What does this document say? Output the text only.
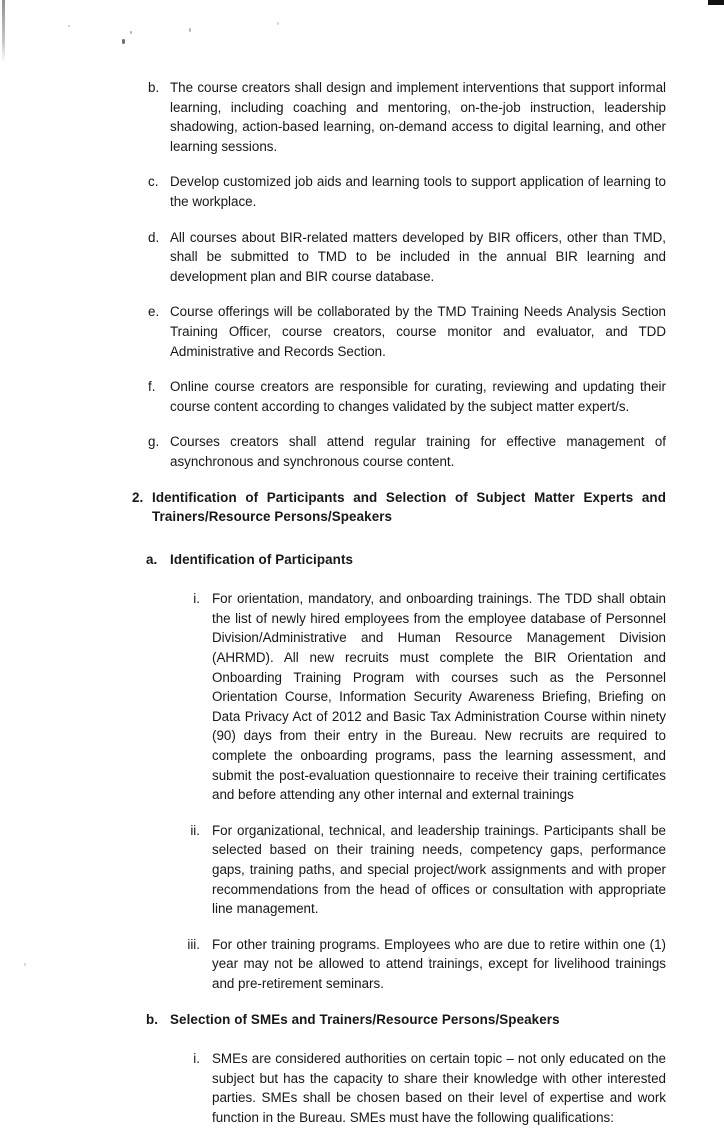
b. The course creators shall design and implement interventions that support informal learning, including coaching and mentoring, on-the-job instruction, leadership shadowing, action-based learning, on-demand access to digital learning, and other learning sessions.
c. Develop customized job aids and learning tools to support application of learning to the workplace.
d. All courses about BIR-related matters developed by BIR officers, other than TMD, shall be submitted to TMD to be included in the annual BIR learning and development plan and BIR course database.
e. Course offerings will be collaborated by the TMD Training Needs Analysis Section Training Officer, course creators, course monitor and evaluator, and TDD Administrative and Records Section.
f.	Online course creators are responsible for curating, reviewing and updating their course content according to changes validated by the subject matter expert/s.
g. Courses creators shall attend regular training for effective management of asynchronous and synchronous course content.
2. Identification of Participants and Selection of Subject Matter Experts and Trainers/Resource Persons/Speakers
a. Identification of Participants
i. For orientation, mandatory, and onboarding trainings. The TDD shall obtain the list of newly hired employees from the employee database of Personnel Division/Administrative and Human Resource Management Division (AHRMD). All new recruits must complete the BIR Orientation and Onboarding Training Program with courses such as the Personnel Orientation Course, Information Security Awareness Briefing, Briefing on Data Privacy Act of 2012 and Basic Tax Administration Course within ninety (90) days from their entry in the Bureau. New recruits are required to complete the onboarding programs, pass the learning assessment, and submit the post-evaluation questionnaire to receive their training certificates and before attending any other internal and external trainings
ii. For organizational, technical, and leadership trainings. Participants shall be selected based on their training needs, competency gaps, performance gaps, training paths, and special project/work assignments and with proper recommendations from the head of offices or consultation with appropriate line management.
iii. For other training programs. Employees who are due to retire within one (1) year may not be allowed to attend trainings, except for livelihood trainings and pre-retirement seminars.
b. Selection of SMEs and Trainers/Resource Persons/Speakers
i. SMEs are considered authorities on certain topic – not only educated on the subject but has the capacity to share their knowledge with other interested parties. SMEs shall be chosen based on their level of expertise and work function in the Bureau. SMEs must have the following qualifications:
